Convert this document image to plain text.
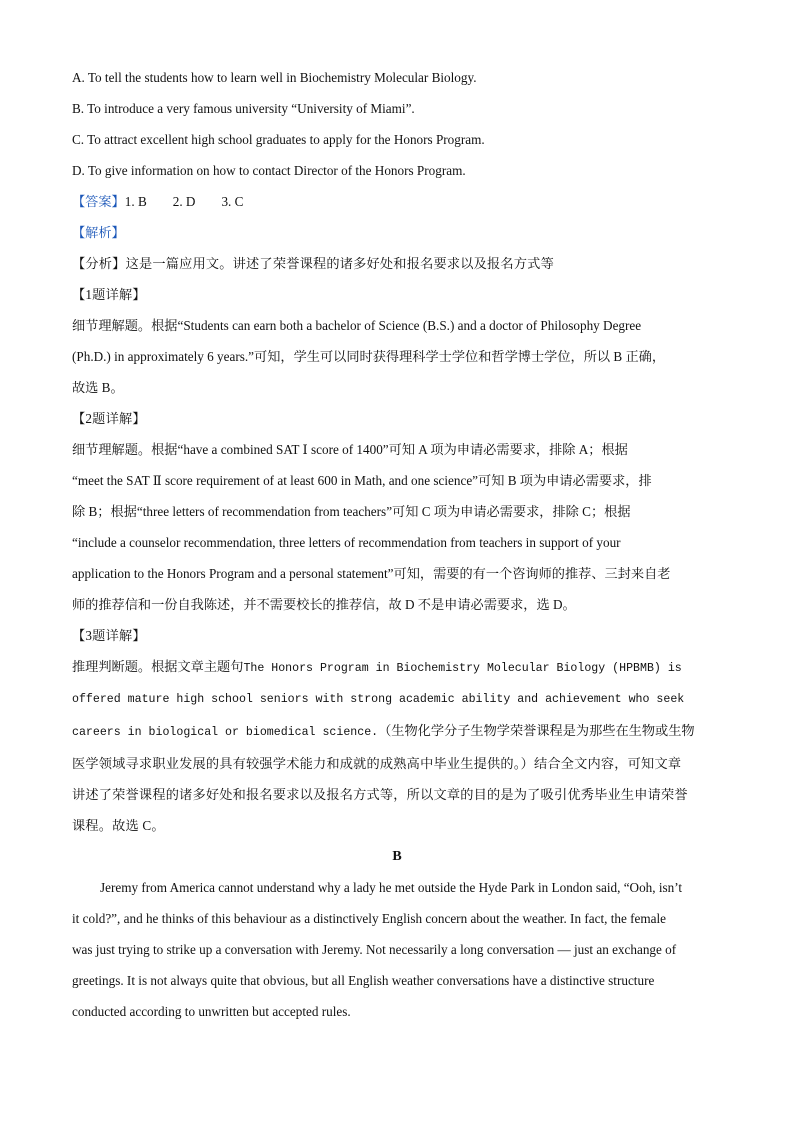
A. To tell the students how to learn well in Biochemistry Molecular Biology.

B. To introduce a very famous university “University of Miami”.

C. To attract excellent high school graduates to apply for the Honors Program.

D. To give information on how to contact Director of the Honors Program.

【答案】1. B 2. D 3. C

【解析】

【分析】这是一篇应用文。讲述了荣誉课程的诸多好处和报名要求以及报名方式等

【1题详解】

细节理解题。根据“Students can earn both a bachelor of Science (B.S.) and a doctor of Philosophy Degree

(Ph.D.) in approximately 6 years.”可知，学生可以同时获得理科学士学位和哲学博士学位，所以 B 正确，

故选 B。

【2题详解】

细节理解题。根据“have a combined SAT Ⅰ score of 1400”可知 A 项为申请必需要求，排除 A；根据

“meet the SAT Ⅱ score requirement of at least 600 in Math, and one science”可知 B 项为申请必需要求，排

除 B；根据“three letters of recommendation from teachers”可知 C 项为申请必需要求，排除 C；根据

“include a counselor recommendation, three letters of recommendation from teachers in support of your

application to the Honors Program and a personal statement”可知，需要的有一个咨询师的推荐、三封来自老

师的推荐信和一份自我陈述，并不需要校长的推荐信，故 D 不是申请必需要求，选 D。

【3题详解】

推理判断题。根据文章主题句The Honors Program in Biochemistry Molecular Biology (HPBMB) is

offered mature high school seniors with strong academic ability and achievement who seek

careers in biological or biomedical science.（生物化学分子生物学荣誉课程是为那些在生物或生物

医学领域寻求职业发展的具有较强学术能力和成就的成熟高中毕业生提供的。）结合全文内容，可知文章

讲述了荣誉课程的诸多好处和报名要求以及报名方式等，所以文章的目的是为了吸引优秀毕业生申请荣誉

课程。故选 C。

B

Jeremy from America cannot understand why a lady he met outside the Hyde Park in London said, “Ooh, isn’t

it cold?”, and he thinks of this behaviour as a distinctively English concern about the weather. In fact, the female

was just trying to strike up a conversation with Jeremy. Not necessarily a long conversation — just an exchange of

greetings. It is not always quite that obvious, but all English weather conversations have a distinctive structure

conducted according to unwritten but accepted rules.
